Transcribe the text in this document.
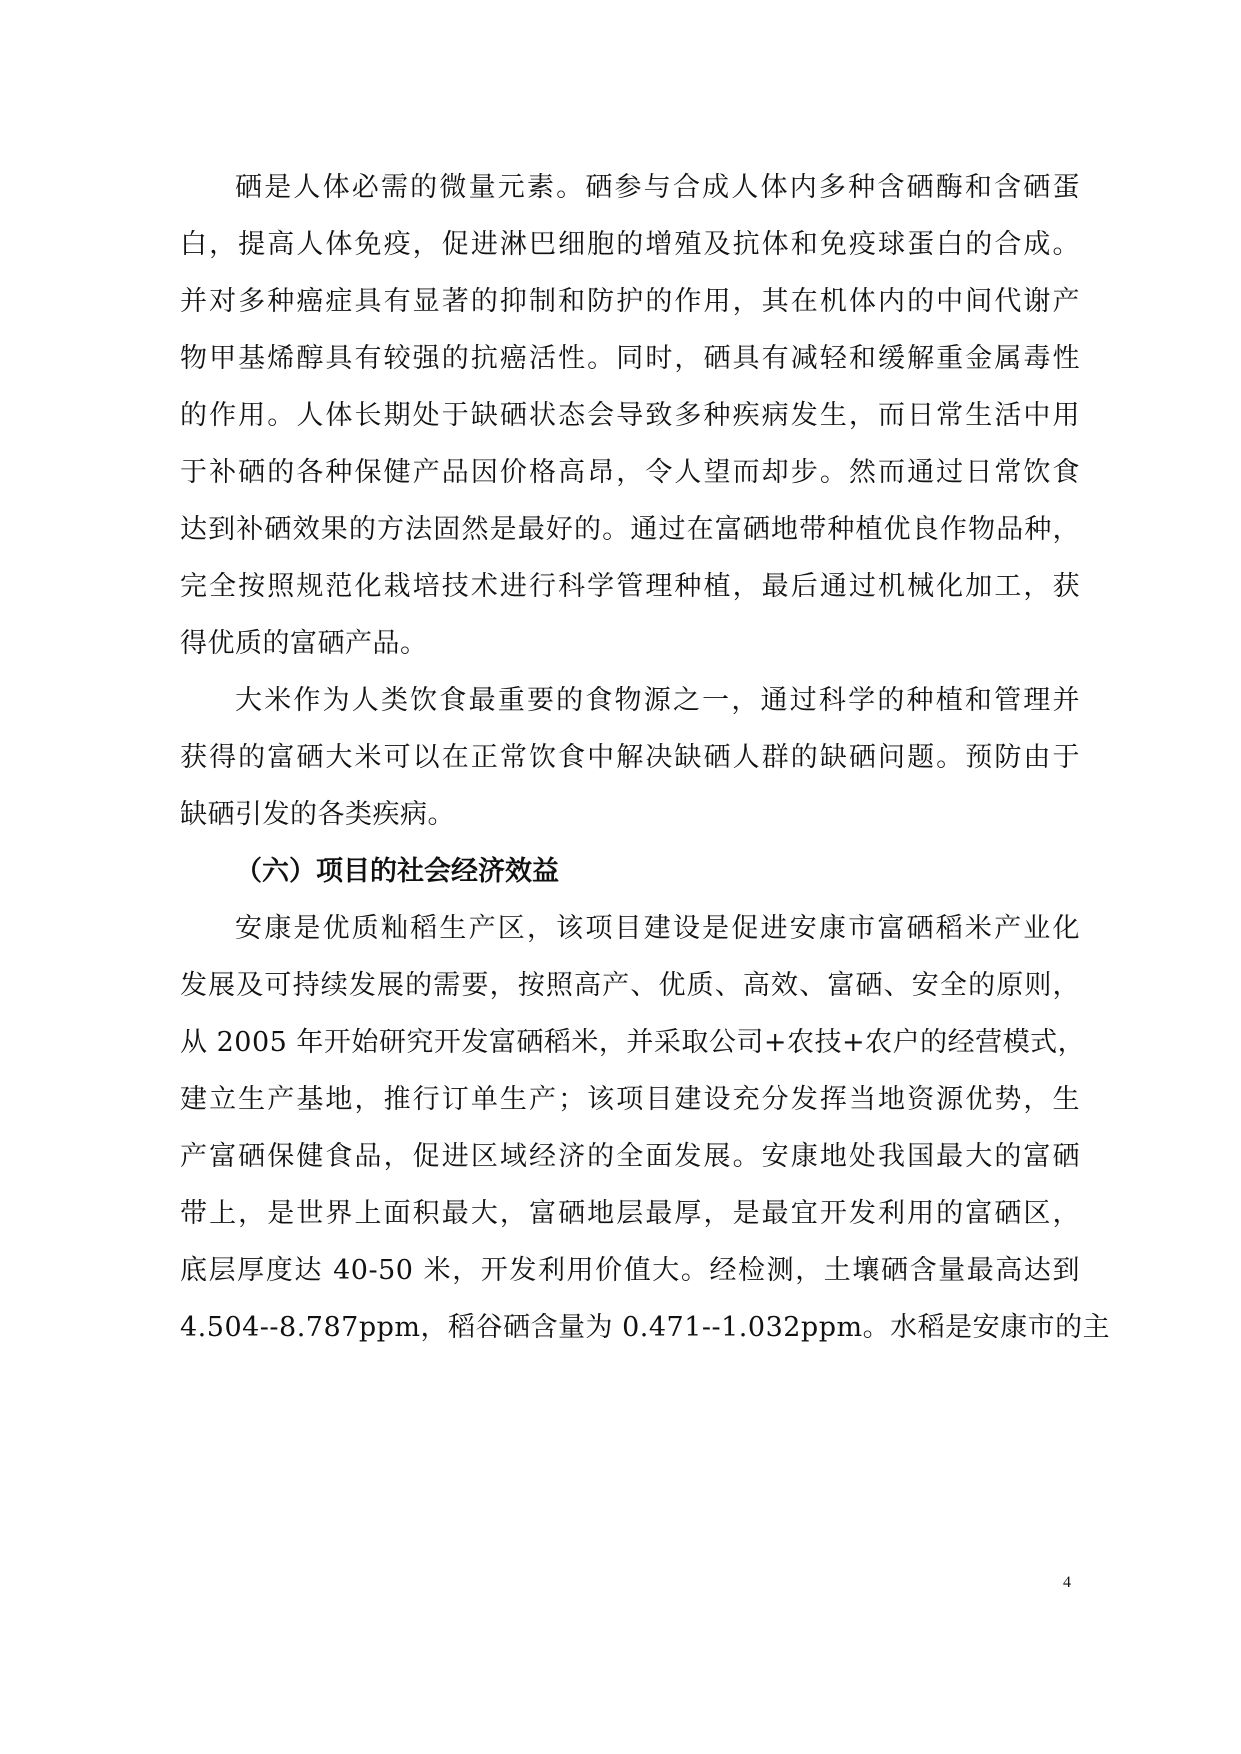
硒是人体必需的微量元素。硒参与合成人体内多种含硒酶和含硒蛋
白，提高人体免疫，促进淋巴细胞的增殖及抗体和免疫球蛋白的合成。
并对多种癌症具有显著的抑制和防护的作用，其在机体内的中间代谢产
物甲基烯醇具有较强的抗癌活性。同时，硒具有减轻和缓解重金属毒性
的作用。人体长期处于缺硒状态会导致多种疾病发生，而日常生活中用
于补硒的各种保健产品因价格高昂，令人望而却步。然而通过日常饮食
达到补硒效果的方法固然是最好的。通过在富硒地带种植优良作物品种，
完全按照规范化栽培技术进行科学管理种植，最后通过机械化加工，获
得优质的富硒产品。
大米作为人类饮食最重要的食物源之一，通过科学的种植和管理并
获得的富硒大米可以在正常饮食中解决缺硒人群的缺硒问题。预防由于
缺硒引发的各类疾病。
（六）项目的社会经济效益
安康是优质籼稻生产区，该项目建设是促进安康市富硒稻米产业化
发展及可持续发展的需要，按照高产、优质、高效、富硒、安全的原则，
从 2005 年开始研究开发富硒稻米，并采取公司+农技+农户的经营模式，
建立生产基地，推行订单生产；该项目建设充分发挥当地资源优势，生
产富硒保健食品，促进区域经济的全面发展。安康地处我国最大的富硒
带上，是世界上面积最大，富硒地层最厚，是最宜开发利用的富硒区，
底层厚度达 40-50 米，开发利用价值大。经检测，土壤硒含量最高达到
4.504--8.787ppm，稻谷硒含量为 0.471--1.032ppm。水稻是安康市的主
4
